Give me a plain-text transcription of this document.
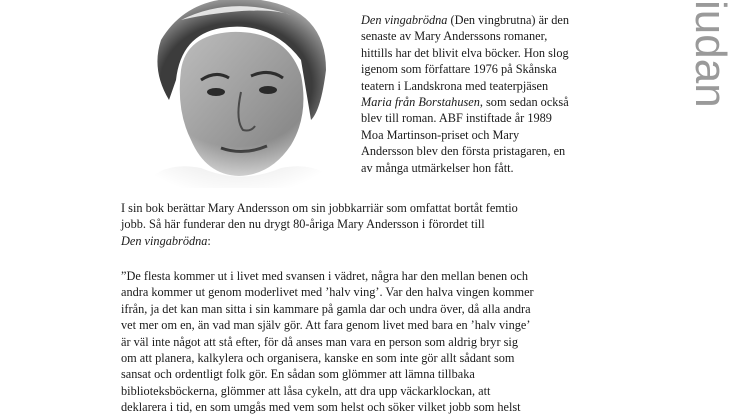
iudan
Den vingabrödna (Den vingbrutna) är den
senaste av Mary Anderssons romaner,
hittills har det blivit elva böcker. Hon slog
igenom som författare 1976 på Skånska
teatern i Landskrona med teaterpjäsen
Maria från Borstahusen, som sedan också
blev till roman. ABF instiftade år 1989
Moa Martinson-priset och Mary
Andersson blev den första pristagaren, en
av många utmärkelser hon fått.
I sin bok berättar Mary Andersson om sin jobbkarriär som omfattat bortåt femtio
jobb. Så här funderar den nu drygt 80-åriga Mary Andersson i förordet till
Den vingabrödna:
”De flesta kommer ut i livet med svansen i vädret, några har den mellan benen och
andra kommer ut genom moderlivet med ’halv ving’. Var den halva vingen kommer
ifrån, ja det kan man sitta i sin kammare på gamla dar och undra över, då alla andra
vet mer om en, än vad man själv gör. Att fara genom livet med bara en ’halv vinge’
är väl inte något att stå efter, för då anses man vara en person som aldrig bryr sig
om att planera, kalkylera och organisera, kanske en som inte gör allt sådant som
sansat och ordentligt folk gör. En sådan som glömmer att lämna tillbaka
biblioteksböckerna, glömmer att låsa cykeln, att dra upp väckarklockan, att
deklarera i tid, en som umgås med vem som helst och söker vilket jobb som helst
